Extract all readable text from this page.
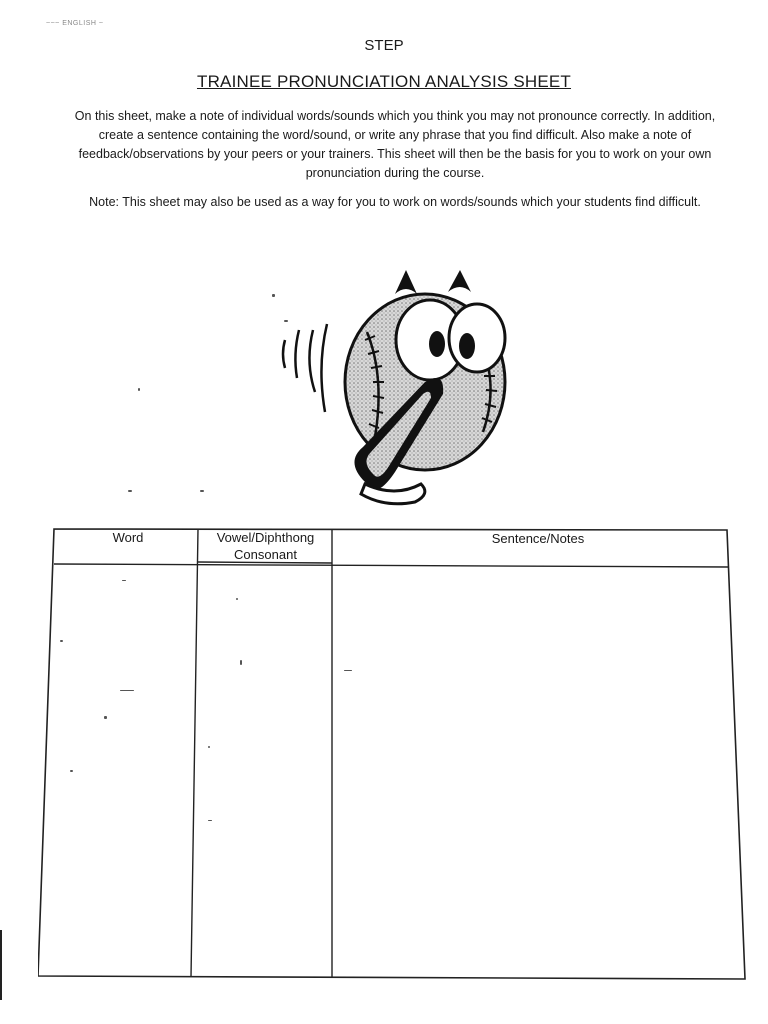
~~~ ENGLISH ~
STEP
TRAINEE PRONUNCIATION ANALYSIS SHEET
On this sheet, make a note of individual words/sounds which you think you may not pronounce correctly. In addition, create a sentence containing the word/sound, or write any phrase that you find difficult. Also make a note of feedback/observations by your peers or your trainers. This sheet will then be the basis for you to work on your own pronunciation during the course.
Note: This sheet may also be used as a way for you to work on words/sounds which your students find difficult.
Word	Vowel/Diphthong
Consonant
Sentence/Notes
